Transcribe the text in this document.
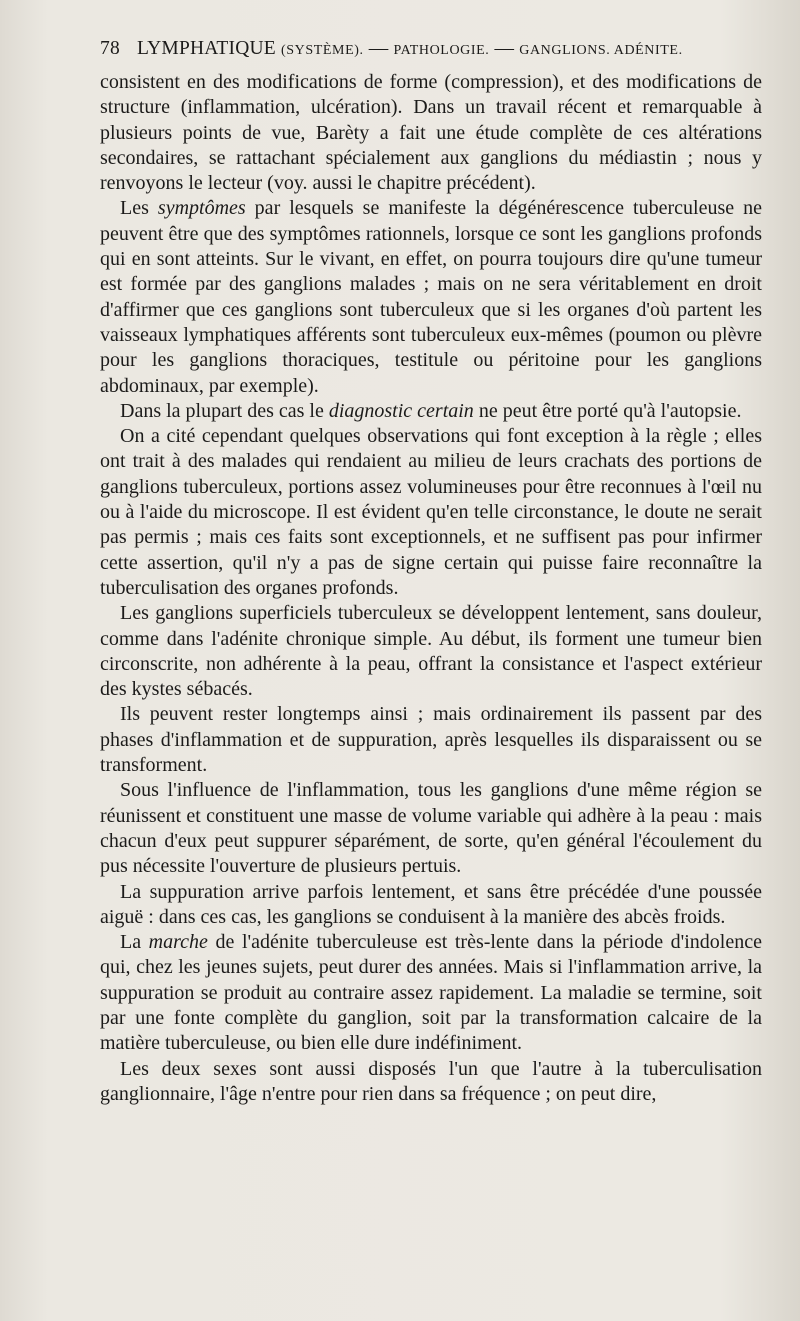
78 LYMPHATIQUE (SYSTÈME). — PATHOLOGIE. — GANGLIONS. ADÉNITE.

consistent en des modifications de forme (compression), et des modifications de structure (inflammation, ulcération). Dans un travail récent et remarquable à plusieurs points de vue, Barèty a fait une étude complète de ces altérations secondaires, se rattachant spécialement aux ganglions du médiastin ; nous y renvoyons le lecteur (voy. aussi le chapitre précédent).

Les symptômes par lesquels se manifeste la dégénérescence tuberculeuse ne peuvent être que des symptômes rationnels, lorsque ce sont les ganglions profonds qui en sont atteints. Sur le vivant, en effet, on pourra toujours dire qu'une tumeur est formée par des ganglions malades ; mais on ne sera véritablement en droit d'affirmer que ces ganglions sont tuberculeux que si les organes d'où partent les vaisseaux lymphatiques afférents sont tuberculeux eux-mêmes (poumon ou plèvre pour les ganglions thoraciques, testitule ou péritoine pour les ganglions abdominaux, par exemple).

Dans la plupart des cas le diagnostic certain ne peut être porté qu'à l'autopsie.

On a cité cependant quelques observations qui font exception à la règle ; elles ont trait à des malades qui rendaient au milieu de leurs crachats des portions de ganglions tuberculeux, portions assez volumineuses pour être reconnues à l'œil nu ou à l'aide du microscope. Il est évident qu'en telle circonstance, le doute ne serait pas permis ; mais ces faits sont exceptionnels, et ne suffisent pas pour infirmer cette assertion, qu'il n'y a pas de signe certain qui puisse faire reconnaître la tuberculisation des organes profonds.

Les ganglions superficiels tuberculeux se développent lentement, sans douleur, comme dans l'adénite chronique simple. Au début, ils forment une tumeur bien circonscrite, non adhérente à la peau, offrant la consistance et l'aspect extérieur des kystes sébacés.

Ils peuvent rester longtemps ainsi ; mais ordinairement ils passent par des phases d'inflammation et de suppuration, après lesquelles ils disparaissent ou se transforment.

Sous l'influence de l'inflammation, tous les ganglions d'une même région se réunissent et constituent une masse de volume variable qui adhère à la peau : mais chacun d'eux peut suppurer séparément, de sorte, qu'en général l'écoulement du pus nécessite l'ouverture de plusieurs pertuis.

La suppuration arrive parfois lentement, et sans être précédée d'une poussée aiguë : dans ces cas, les ganglions se conduisent à la manière des abcès froids.

La marche de l'adénite tuberculeuse est très-lente dans la période d'indolence qui, chez les jeunes sujets, peut durer des années. Mais si l'inflammation arrive, la suppuration se produit au contraire assez rapidement. La maladie se termine, soit par une fonte complète du ganglion, soit par la transformation calcaire de la matière tuberculeuse, ou bien elle dure indéfiniment.

Les deux sexes sont aussi disposés l'un que l'autre à la tuberculisation ganglionnaire, l'âge n'entre pour rien dans sa fréquence ; on peut dire,
